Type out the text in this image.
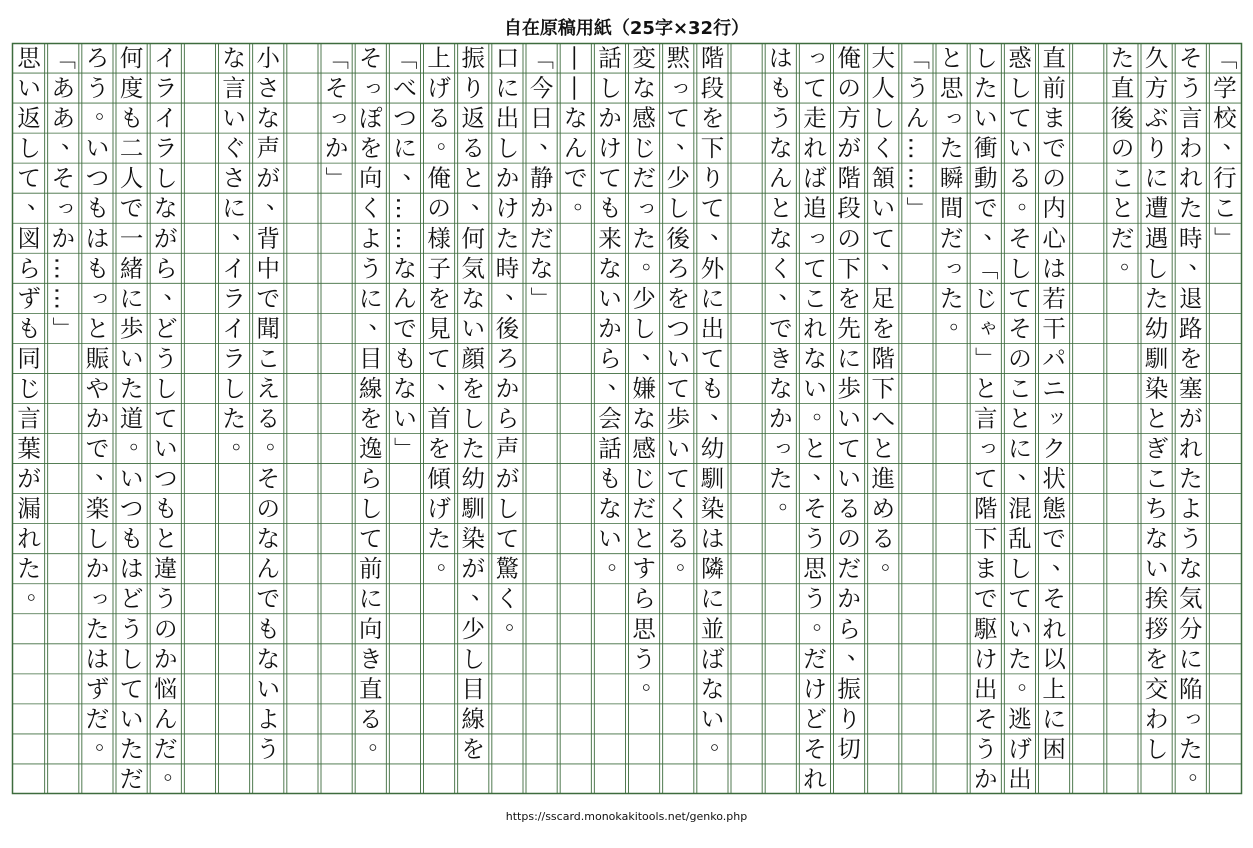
自在原稿用紙（25字×32行）
「
学
校
、
行
こ
」
そ
う
言
わ
れ
た
時
、
退
路
を
塞
が
れ
た
よ
う
な
気
分
に
陥
っ
た
。
久
方
ぶ
り
に
遭
遇
し
た
幼
馴
染
と
ぎ
こ
ち
な
い
挨
拶
を
交
わ
し
た
直
後
の
こ
と
だ
。
直
前
ま
で
の
内
心
は
若
干
パ
ニ
ッ
ク
状
態
で
、
そ
れ
以
上
に
困
惑
し
て
い
る
。
そ
し
て
そ
の
こ
と
に
、
混
乱
し
て
い
た
。
逃
げ
出
し
た
い
衝
動
で
、
「
じ
ゃ
」
と
言
っ
て
階
下
ま
で
駆
け
出
そ
う
か
と
思
っ
た
瞬
間
だ
っ
た
。
「
う
ん
…
…
」
大
人
し
く
頷
い
て
、
足
を
階
下
へ
と
進
め
る
。
俺
の
方
が
階
段
の
下
を
先
に
歩
い
て
い
る
の
だ
か
ら
、
振
り
切
っ
て
走
れ
ば
追
っ
て
こ
れ
な
い
。
と
、
そ
う
思
う
。
だ
け
ど
そ
れ
は
も
う
な
ん
と
な
く
、
で
き
な
か
っ
た
。
階
段
を
下
り
て
、
外
に
出
て
も
、
幼
馴
染
は
隣
に
並
ば
な
い
。
黙
っ
て
、
少
し
後
ろ
を
つ
い
て
歩
い
て
く
る
。
変
な
感
じ
だ
っ
た
。
少
し
、
嫌
な
感
じ
だ
と
す
ら
思
う
。
話
し
か
け
て
も
来
な
い
か
ら
、
会
話
も
な
い
。
―
―
な
ん
で
。
「
今
日
、
静
か
だ
な
」
口
に
出
し
か
け
た
時
、
後
ろ
か
ら
声
が
し
て
驚
く
。
振
り
返
る
と
、
何
気
な
い
顔
を
し
た
幼
馴
染
が
、
少
し
目
線
を
上
げ
る
。
俺
の
様
子
を
見
て
、
首
を
傾
げ
た
。
「
べ
つ
に
、
…
…
な
ん
で
も
な
い
」
そ
っ
ぽ
を
向
く
よ
う
に
、
目
線
を
逸
ら
し
て
前
に
向
き
直
る
。
「
そ
っ
か
」
小
さ
な
声
が
、
背
中
で
聞
こ
え
る
。
そ
の
な
ん
で
も
な
い
よ
う
な
言
い
ぐ
さ
に
、
イ
ラ
イ
ラ
し
た
。
イ
ラ
イ
ラ
し
な
が
ら
、
ど
う
し
て
い
つ
も
と
違
う
の
か
悩
ん
だ
。
何
度
も
二
人
で
一
緒
に
歩
い
た
道
。
い
つ
も
は
ど
う
し
て
い
た
だ
ろ
う
。
い
つ
も
は
も
っ
と
賑
や
か
で
、
楽
し
か
っ
た
は
ず
だ
。
「
あ
あ
、
そ
っ
か
…
…
」
思
い
返
し
て
、
図
ら
ず
も
同
じ
言
葉
が
漏
れ
た
。
https://sscard.monokakitools.net/genko.php
